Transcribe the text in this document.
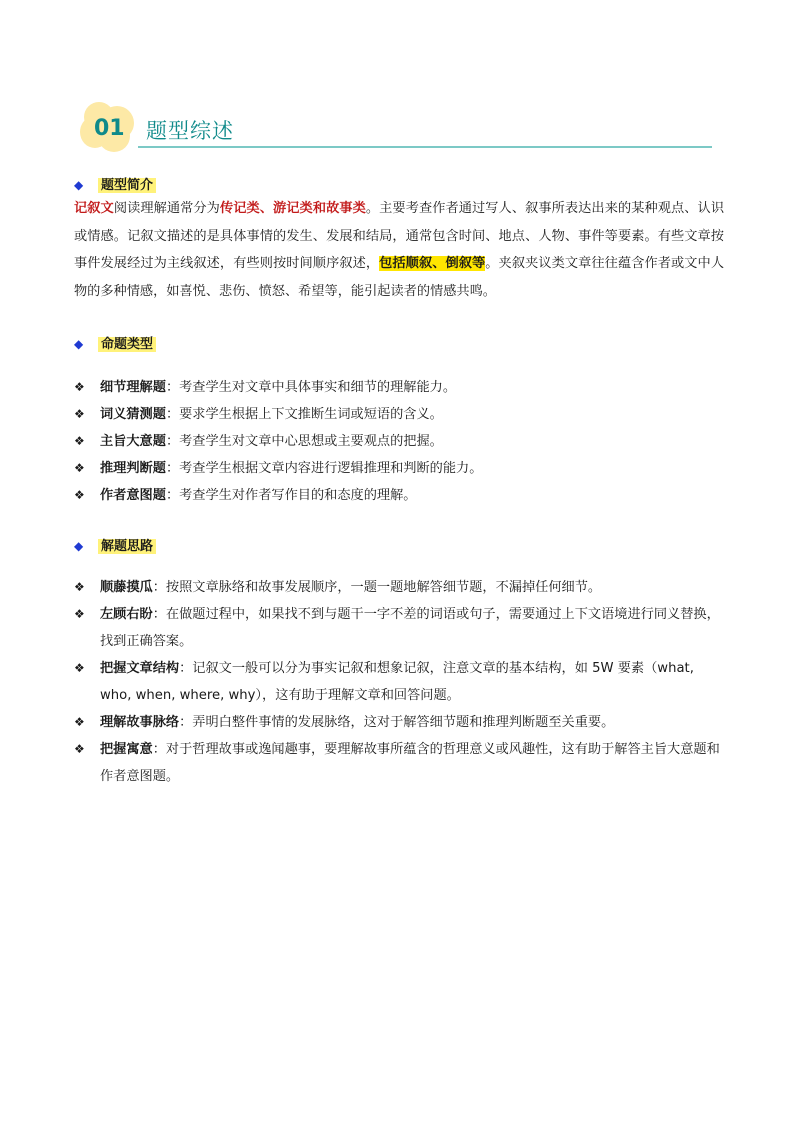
01 题型综述
◆ 题型简介

记叙文阅读理解通常分为传记类、游记类和故事类。主要考查作者通过写人、叙事所表达出来的某种观点、认识或情感。记叙文描述的是具体事情的发生、发展和结局，通常包含时间、地点、人物、事件等要素。有些文章按事件发展经过为主线叙述，有些则按时间顺序叙述，包括顺叙、倒叙等。夹叙夹议类文章往往蕴含作者或文中人物的多种情感，如喜悦、悲伤、愤怒、希望等，能引起读者的情感共鸣。

◆ 命题类型
❖ 细节理解题：考查学生对文章中具体事实和细节的理解能力。
❖ 词义猜测题：要求学生根据上下文推断生词或短语的含义。
❖ 主旨大意题：考查学生对文章中心思想或主要观点的把握。
❖ 推理判断题：考查学生根据文章内容进行逻辑推理和判断的能力。
❖ 作者意图题：考查学生对作者写作目的和态度的理解。
◆ 解题思路
❖ 顺藤摸瓜：按照文章脉络和故事发展顺序，一题一题地解答细节题，不漏掉任何细节。
❖ 左顾右盼：在做题过程中，如果找不到与题干一字不差的词语或句子，需要通过上下文语境进行同义替换，找到正确答案。
❖ 把握文章结构：记叙文一般可以分为事实记叙和想象记叙，注意文章的基本结构，如 5W 要素（what, who, when, where, why），这有助于理解文章和回答问题。
❖ 理解故事脉络：弄明白整件事情的发展脉络，这对于解答细节题和推理判断题至关重要。
❖ 把握寓意：对于哲理故事或逸闻趣事，要理解故事所蕴含的哲理意义或风趣性，这有助于解答主旨大意题和作者意图题。
